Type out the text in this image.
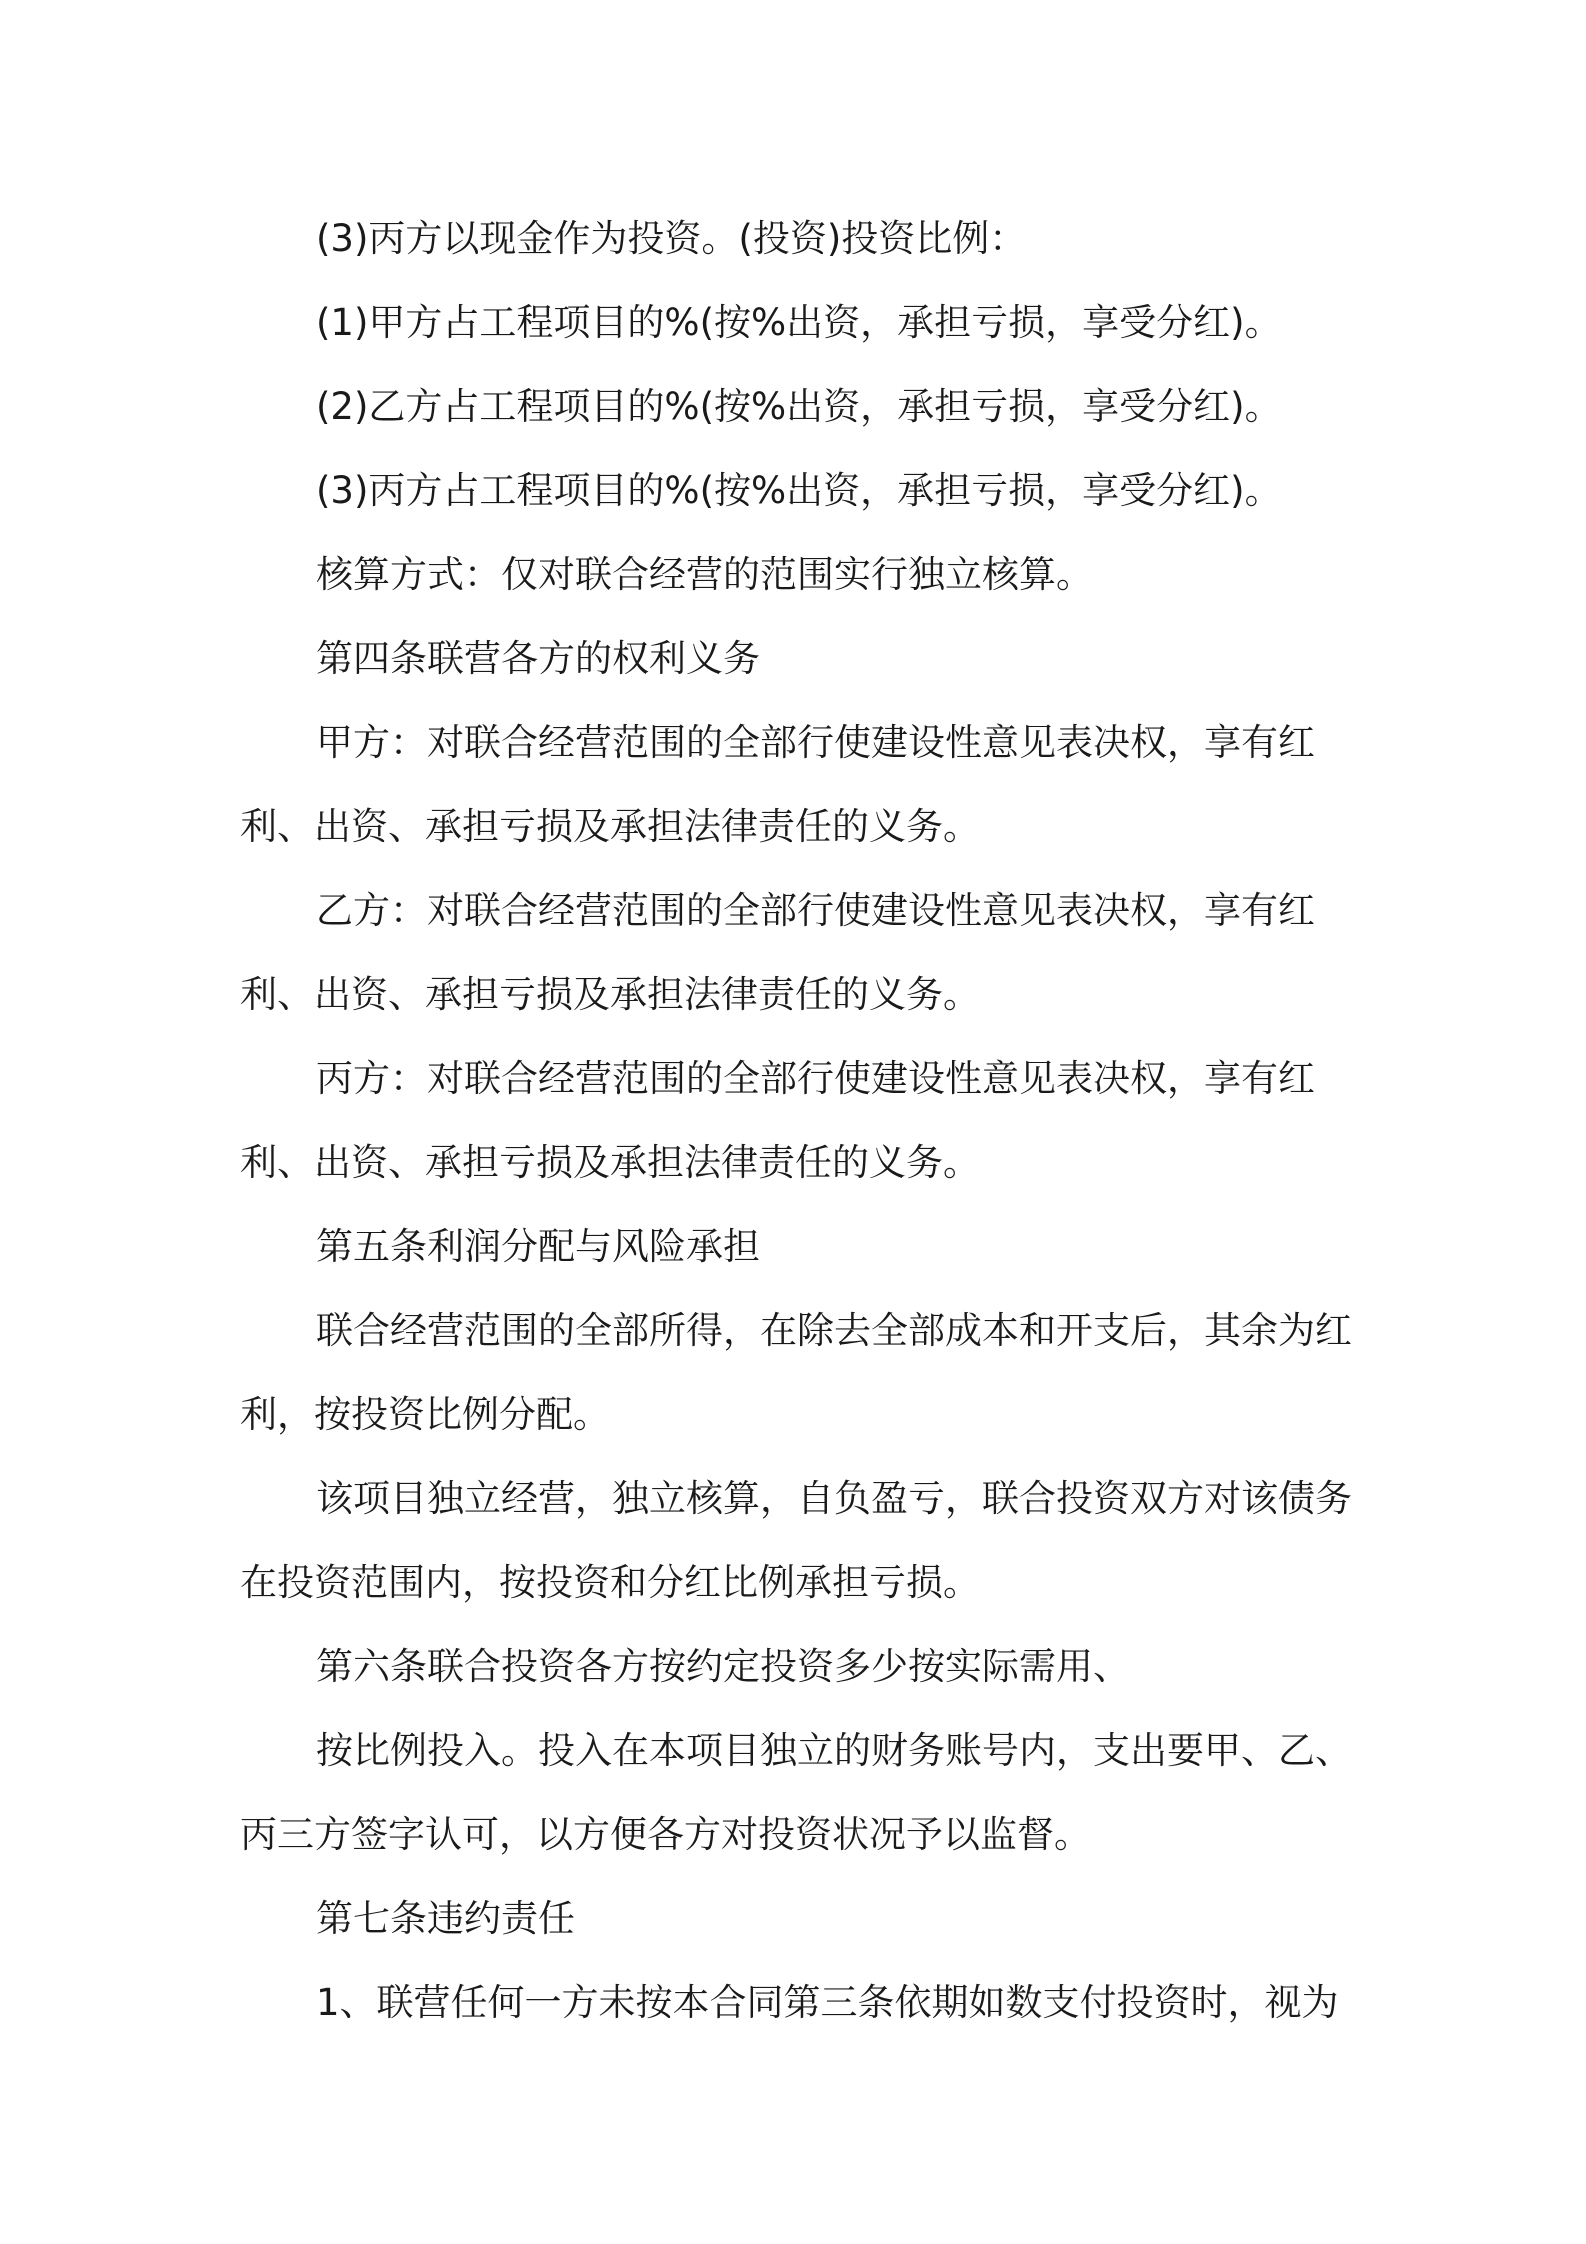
(3)丙方以现金作为投资。(投资)投资比例：

(1)甲方占工程项目的%(按%出资，承担亏损，享受分红)。

(2)乙方占工程项目的%(按%出资，承担亏损，享受分红)。

(3)丙方占工程项目的%(按%出资，承担亏损，享受分红)。

核算方式：仅对联合经营的范围实行独立核算。

第四条联营各方的权利义务

甲方：对联合经营范围的全部行使建设性意见表决权，享有红利、出资、承担亏损及承担法律责任的义务。

乙方：对联合经营范围的全部行使建设性意见表决权，享有红利、出资、承担亏损及承担法律责任的义务。

丙方：对联合经营范围的全部行使建设性意见表决权，享有红利、出资、承担亏损及承担法律责任的义务。

第五条利润分配与风险承担

联合经营范围的全部所得，在除去全部成本和开支后，其余为红利，按投资比例分配。

该项目独立经营，独立核算，自负盈亏，联合投资双方对该债务在投资范围内，按投资和分红比例承担亏损。

第六条联合投资各方按约定投资多少按实际需用、

按比例投入。投入在本项目独立的财务账号内，支出要甲、乙、丙三方签字认可，以方便各方对投资状况予以监督。

第七条违约责任

1、联营任何一方未按本合同第三条依期如数支付投资时，视为
